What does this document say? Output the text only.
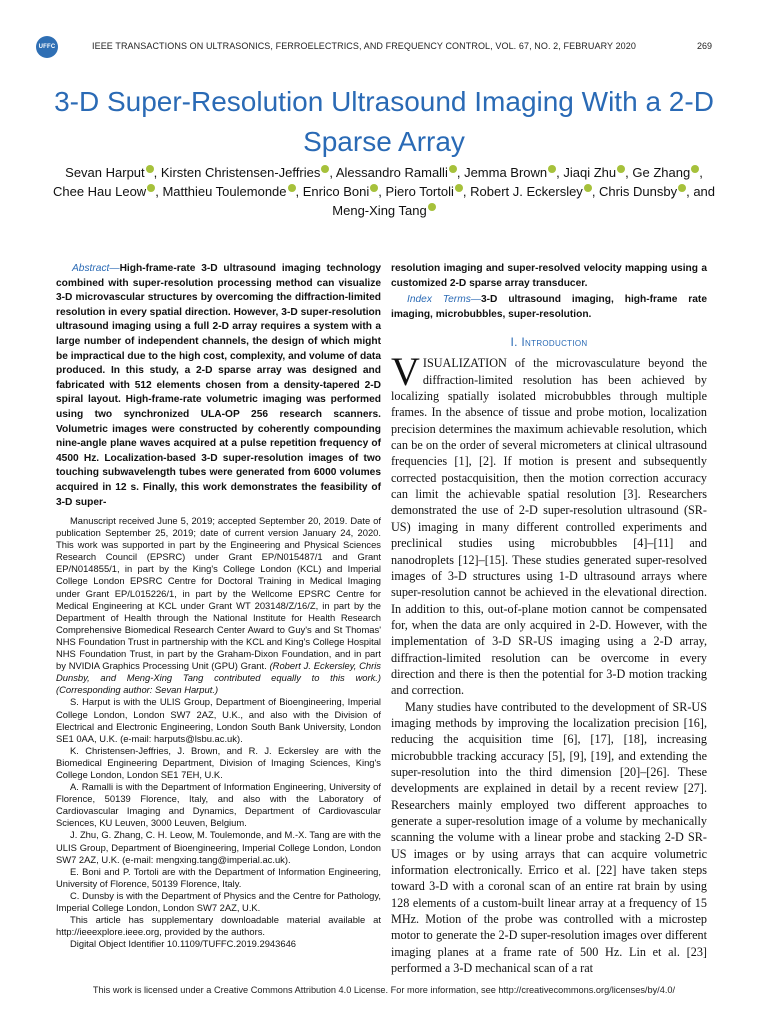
UFFC	IEEE TRANSACTIONS ON ULTRASONICS, FERROELECTRICS, AND FREQUENCY CONTROL, VOL. 67, NO. 2, FEBRUARY 2020	269
3-D Super-Resolution Ultrasound Imaging With a 2-D Sparse Array
Sevan Harput , Kirsten Christensen-Jeffries , Alessandro Ramalli , Jemma Brown , Jiaqi Zhu , Ge Zhang , Chee Hau Leow , Matthieu Toulemonde , Enrico Boni , Piero Tortoli , Robert J. Eckersley , Chris Dunsby , and Meng-Xing Tang

Abstract—High-frame-rate 3-D ultrasound imaging technology combined with super-resolution processing method can visualize 3-D microvascular structures by overcoming the diffraction-limited resolution in every spatial direction. However, 3-D super-resolution ultrasound imaging using a full 2-D array requires a system with a large number of independent channels, the design of which might be impractical due to the high cost, complexity, and volume of data produced. In this study, a 2-D sparse array was designed and fabricated with 512 elements chosen from a density-tapered 2-D spiral layout. High-frame-rate volumetric imaging was performed using two synchronized ULA-OP 256 research scanners. Volumetric images were constructed by coherently compounding nine-angle plane waves acquired at a pulse repetition frequency of 4500 Hz. Localization-based 3-D super-resolution images of two touching subwavelength tubes were generated from 6000 volumes acquired in 12 s. Finally, this work demonstrates the feasibility of 3-D super-

Manuscript received June 5, 2019; accepted September 20, 2019. Date of publication September 25, 2019; date of current version January 24, 2020. This work was supported in part by the Engineering and Physical Sciences Research Council (EPSRC) under Grant EP/N015487/1 and Grant EP/N014855/1, in part by the King's College London (KCL) and Imperial College London EPSRC Centre for Doctoral Training in Medical Imaging under Grant EP/L015226/1, in part by the Wellcome EPSRC Centre for Medical Engineering at KCL under Grant WT 203148/Z/16/Z, in part by the Department of Health through the National Institute for Health Research Comprehensive Biomedical Research Center Award to Guy's and St Thomas' NHS Foundation Trust in partnership with the KCL and King's College Hospital NHS Foundation Trust, in part by the Graham-Dixon Foundation, and in part by NVIDIA Graphics Processing Unit (GPU) Grant. (Robert J. Eckersley, Chris Dunsby, and Meng-Xing Tang contributed equally to this work.) (Corresponding author: Sevan Harput.)

S. Harput is with the ULIS Group, Department of Bioengineering, Imperial College London, London SW7 2AZ, U.K., and also with the Division of Electrical and Electronic Engineering, London South Bank University, London SE1 0AA, U.K. (e-mail: harputs@lsbu.ac.uk).

K. Christensen-Jeffries, J. Brown, and R. J. Eckersley are with the Biomedical Engineering Department, Division of Imaging Sciences, King's College London, London SE1 7EH, U.K.

A. Ramalli is with the Department of Information Engineering, University of Florence, 50139 Florence, Italy, and also with the Laboratory of Cardiovascular Imaging and Dynamics, Department of Cardiovascular Sciences, KU Leuven, 3000 Leuven, Belgium.

J. Zhu, G. Zhang, C. H. Leow, M. Toulemonde, and M.-X. Tang are with the ULIS Group, Department of Bioengineering, Imperial College London, London SW7 2AZ, U.K. (e-mail: mengxing.tang@imperial.ac.uk).

E. Boni and P. Tortoli are with the Department of Information Engineering, University of Florence, 50139 Florence, Italy.

C. Dunsby is with the Department of Physics and the Centre for Pathology, Imperial College London, London SW7 2AZ, U.K.

This article has supplementary downloadable material available at http://ieeexplore.ieee.org, provided by the authors.

Digital Object Identifier 10.1109/TUFFC.2019.2943646

resolution imaging and super-resolved velocity mapping using a customized 2-D sparse array transducer.

Index Terms—3-D ultrasound imaging, high-frame rate imaging, microbubbles, super-resolution.

I. Introduction

VISUALIZATION of the microvasculature beyond the diffraction-limited resolution has been achieved by localizing spatially isolated microbubbles through multiple frames. In the absence of tissue and probe motion, localization precision determines the maximum achievable resolution, which can be on the order of several micrometers at clinical ultrasound frequencies [1], [2]. If motion is present and subsequently corrected postacquisition, then the motion correction accuracy can limit the achievable spatial resolution [3]. Researchers demonstrated the use of 2-D super-resolution ultrasound (SR-US) imaging in many different controlled experiments and preclinical studies using microbubbles [4]–[11] and nanodroplets [12]–[15]. These studies generated super-resolved images of 3-D structures using 1-D ultrasound arrays where super-resolution cannot be achieved in the elevational direction. In addition to this, out-of-plane motion cannot be compensated for, when the data are only acquired in 2-D. However, with the implementation of 3-D SR-US imaging using a 2-D array, diffraction-limited resolution can be overcome in every direction and there is then the potential for 3-D motion tracking and correction.

Many studies have contributed to the development of SR-US imaging methods by improving the localization precision [16], reducing the acquisition time [6], [17], [18], increasing microbubble tracking accuracy [5], [9], [19], and extending the super-resolution into the third dimension [20]–[26]. These developments are explained in detail by a recent review [27]. Researchers mainly employed two different approaches to generate a super-resolution image of a volume by mechanically scanning the volume with a linear probe and stacking 2-D SR-US images or by using arrays that can acquire volumetric information electronically. Errico et al. [22] have taken steps toward 3-D with a coronal scan of an entire rat brain by using 128 elements of a custom-built linear array at a frequency of 15 MHz. Motion of the probe was controlled with a microstep motor to generate the 2-D super-resolution images over different imaging planes at a frame rate of 500 Hz. Lin et al. [23] performed a 3-D mechanical scan of a rat

This work is licensed under a Creative Commons Attribution 4.0 License. For more information, see http://creativecommons.org/licenses/by/4.0/
